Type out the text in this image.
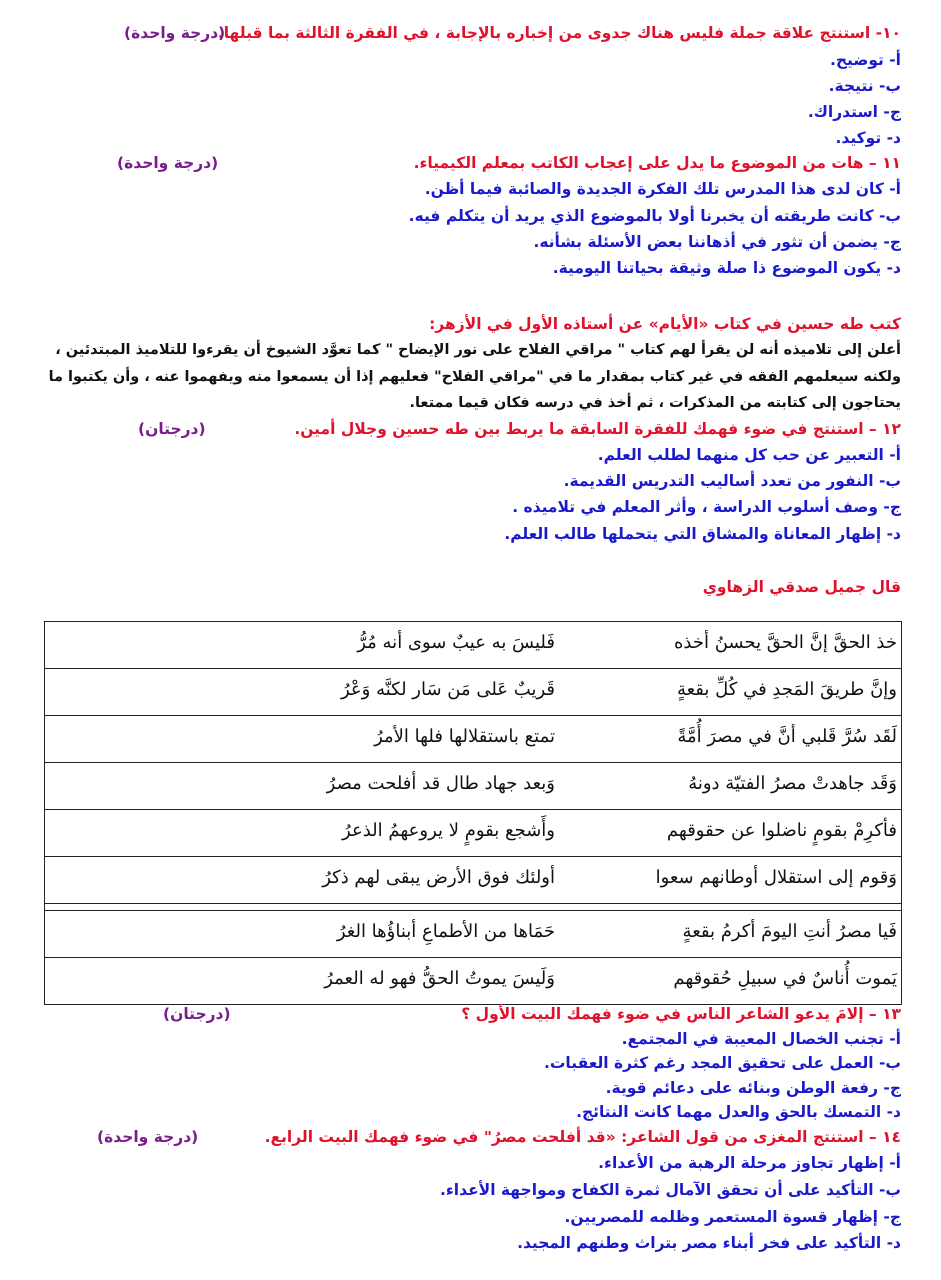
١٠- استنتج علاقة جملة فليس هناك جدوى من إخباره بالإجابة ، في الفقرة الثالثة بما قبلها.
(درجة واحدة)
أ- توضيح.
ب- نتيجة.
ج- استدراك.
د- توكيد.
١١ – هات من الموضوع ما يدل على إعجاب الكاتب بمعلم الكيمياء.
(درجة واحدة)
أ- كان لدى هذا المدرس تلك الفكرة الجديدة والصائبة فيما أظن.
ب- كانت طريقته أن يخبرنا أولا بالموضوع الذي يريد أن يتكلم فيه.
ج- يضمن أن تثور في أذهاننا بعض الأسئلة بشأنه.
د- يكون الموضوع ذا صلة وثيقة بحياتنا اليومية.
كتب طه حسين في كتاب «الأيام» عن أستاذه الأول في الأزهر:
أعلن إلى تلاميذه أنه لن يقرأ لهم كتاب " مراقي الفلاح على نور الإيضاح " كما تعوَّد الشيوخ أن يقرءوا للتلاميذ المبتدئين ،
ولكنه سيعلمهم الفقه في غير كتاب بمقدار ما في "مراقي الفلاح" فعليهم إذا أن يسمعوا منه ويفهموا عنه ، وأن يكتبوا ما
يحتاجون إلى كتابته من المذكرات ، ثم أخذ في درسه فكان قيما ممتعا.
١٢ – استنتج في ضوء فهمك للفقرة السابقة ما يربط بين طه حسين وجلال أمين.
(درجتان)
أ- التعبير عن حب كل منهما لطلب العلم.
ب- النفور من تعدد أساليب التدريس القديمة.
ج- وصف أسلوب الدراسة ، وأثر المعلم في تلاميذه .
د- إظهار المعاناة والمشاق التي يتحملها طالب العلم.
قال جميل صدقي الزهاوي
خذ الحقَّ إنَّ الحقَّ يحسنُ أخذه
فَليسَ به عيبٌ سوى أنه مُرُّ
وإنَّ طريقَ المَجدِ في كُلِّ بقعةٍ
قَريبٌ عَلى مَن سَار لكنَّه وَعْرُ
لَقَد سُرَّ قَلبي أنَّ في مصرَ أُمَّةً
تمتع باستقلالها فلها الأمرُ
وَقَد جاهدتْ مصرُ الفتيّة دونهُ
وَبعد جهاد طال قد أفلحت مصرُ
فأكرِمْ بقومٍ ناضلوا عن حقوقهم
وأَشجع بقومٍ لا يروعهمُ الذعرُ
وَقوم إلى استقلال أوطانهم سعوا
أولئك فوق الأرض يبقى لهم ذكرُ
فَيا مصرُ أنتِ اليومَ أكرمُ بقعةٍ
حَمَاها من الأطماعِ أبناؤُها الغرُ
يَموت أُناسٌ في سبيلِ حُقوقهم
وَلَيسَ يموتُ الحقُّ فهو له العمرُ
١٣ – إلامَ يدعو الشاعر الناس في ضوء فهمك البيت الأول ؟
(درجتان)
أ- تجنب الخصال المعيبة في المجتمع.
ب- العمل على تحقيق المجد رغم كثرة العقبات.
ج- رفعة الوطن وبنائه على دعائم قوية.
د- التمسك بالحق والعدل مهما كانت النتائج.
١٤ – استنتج المغزى من قول الشاعر: «قد أفلحت مصرُ" في ضوء فهمك البيت الرابع.
(درجة واحدة)
أ- إظهار تجاوز مرحلة الرهبة من الأعداء.
ب- التأكيد على أن تحقق الآمال ثمرة الكفاح ومواجهة الأعداء.
ج- إظهار قسوة المستعمر وظلمه للمصريين.
د- التأكيد على فخر أبناء مصر بتراث وطنهم المجيد.
